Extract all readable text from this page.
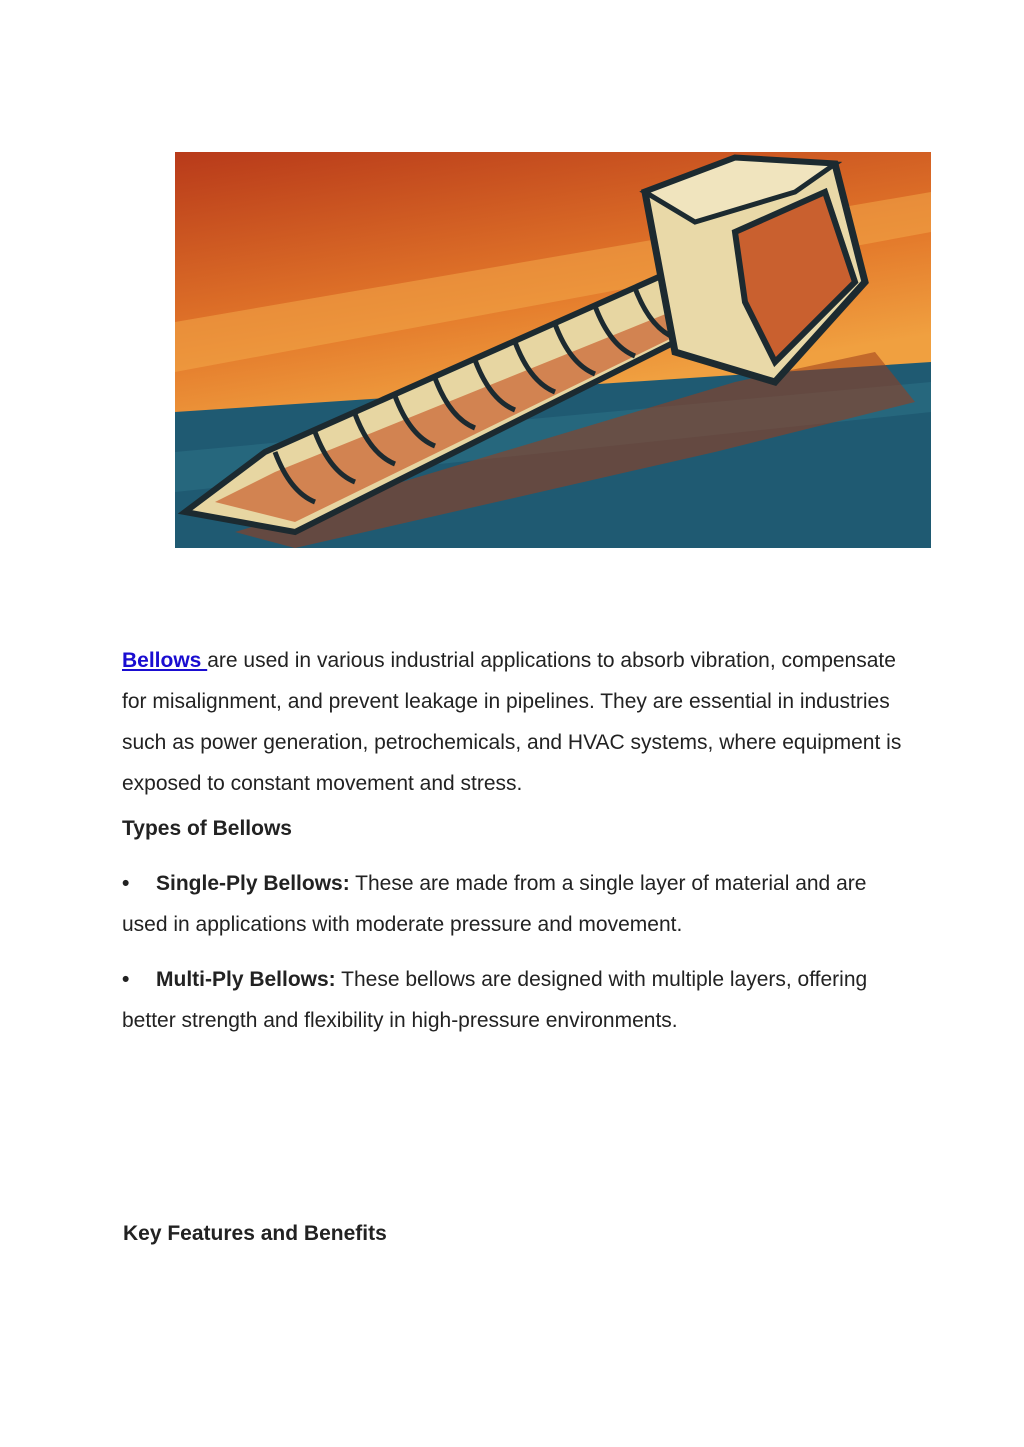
Bellows are used in various industrial applications to absorb vibration, compensate for misalignment, and prevent leakage in pipelines. They are essential in industries such as power generation, petrochemicals, and HVAC systems, where equipment is exposed to constant movement and stress.

Types of Bellows

• Single-Ply Bellows: These are made from a single layer of material and are used in applications with moderate pressure and movement.

• Multi-Ply Bellows: These bellows are designed with multiple layers, offering better strength and flexibility in high-pressure environments.

Key Features and Benefits
